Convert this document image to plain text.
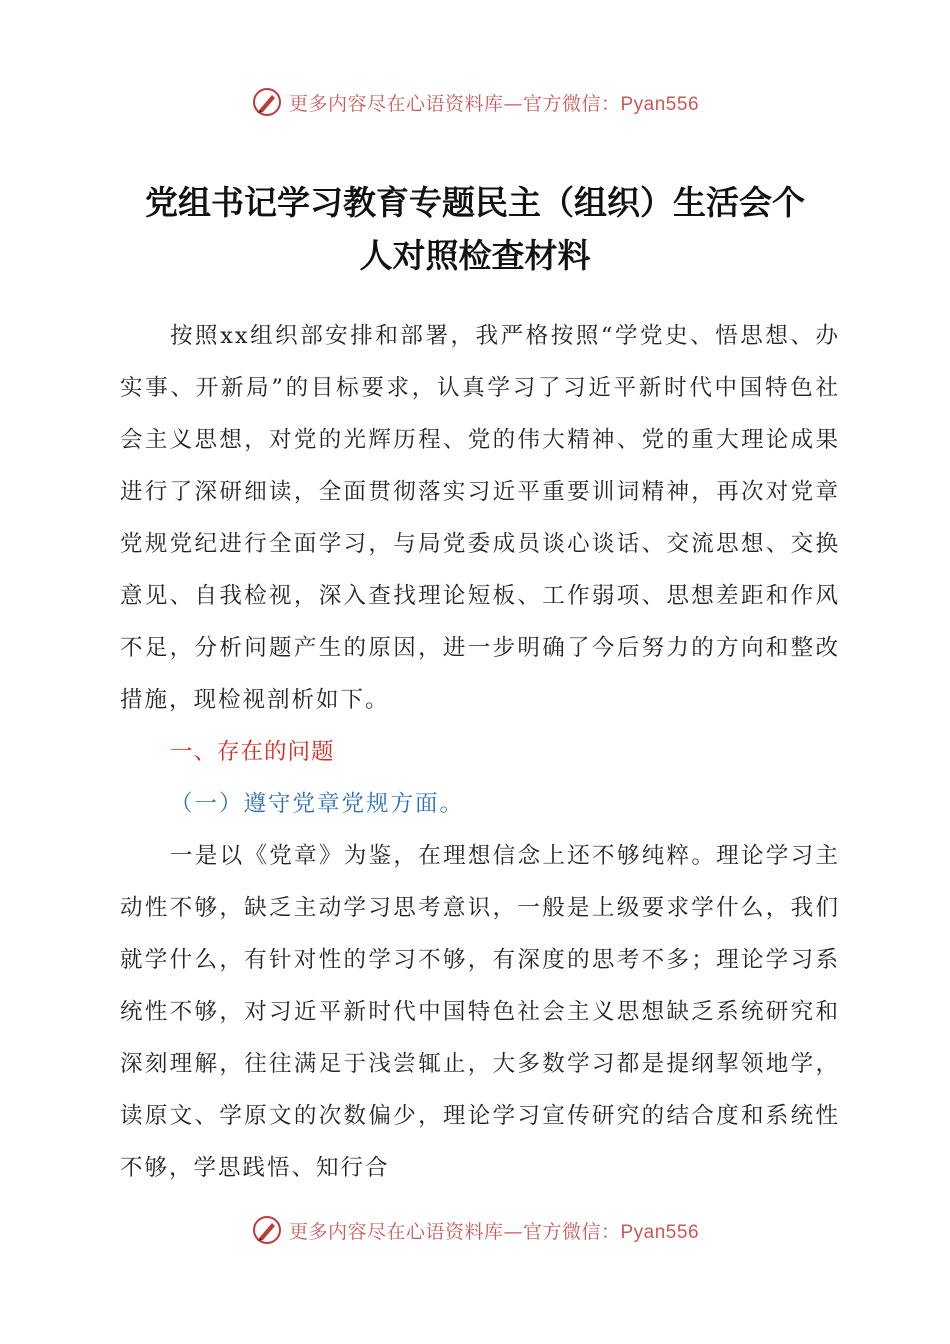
更多内容尽在心语资料库—官方微信：Pyan556
党组书记学习教育专题民主（组织）生活会个
人对照检查材料

按照xx组织部安排和部署，我严格按照“学党史、悟思想、办实事、开新局”的目标要求，认真学习了习近平新时代中国特色社会主义思想，对党的光辉历程、党的伟大精神、党的重大理论成果进行了深研细读，全面贯彻落实习近平重要训词精神，再次对党章党规党纪进行全面学习，与局党委成员谈心谈话、交流思想、交换意见、自我检视，深入查找理论短板、工作弱项、思想差距和作风不足，分析问题产生的原因，进一步明确了今后努力的方向和整改措施，现检视剖析如下。

一、存在的问题
（一）遵守党章党规方面。

一是以《党章》为鉴，在理想信念上还不够纯粹。理论学习主动性不够，缺乏主动学习思考意识，一般是上级要求学什么，我们就学什么，有针对性的学习不够，有深度的思考不多；理论学习系统性不够，对习近平新时代中国特色社会主义思想缺乏系统研究和深刻理解，往往满足于浅尝辄止，大多数学习都是提纲挈领地学，读原文、学原文的次数偏少，理论学习宣传研究的结合度和系统性不够，学思践悟、知行合

更多内容尽在心语资料库—官方微信：Pyan556
